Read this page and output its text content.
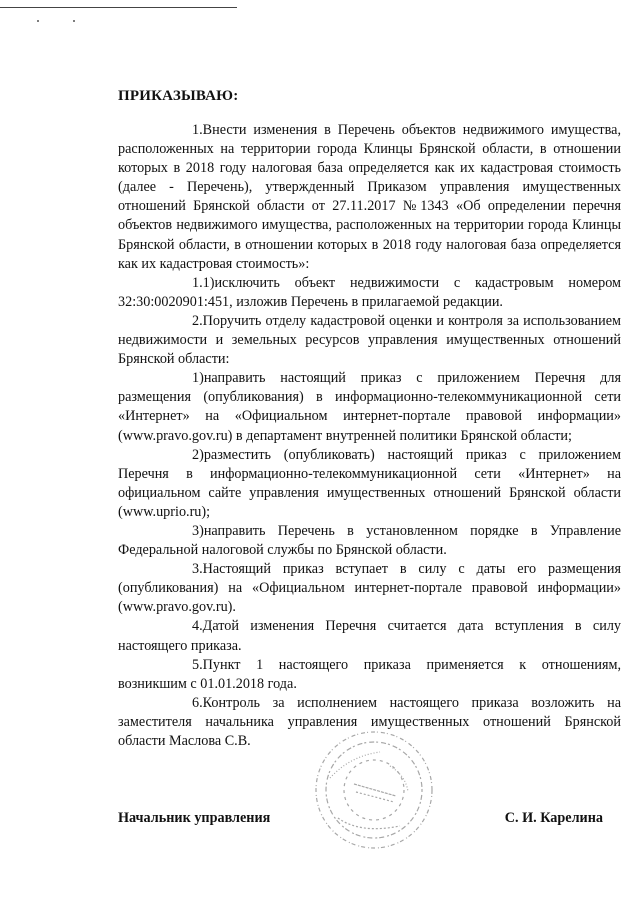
ПРИКАЗЫВАЮ:

1.Внести изменения в Перечень объектов недвижимого имущества, расположенных на территории города Клинцы Брянской области, в отношении которых в 2018 году налоговая база определяется как их кадастровая стоимость (далее - Перечень), утвержденный Приказом управления имущественных отношений Брянской области от 27.11.2017 №1343 «Об определении перечня объектов недвижимого имущества, расположенных на территории города Клинцы Брянской области, в отношении которых в 2018 году налоговая база определяется как их кадастровая стоимость»:

1.1)исключить объект недвижимости с кадастровым номером 32:30:0020901:451, изложив Перечень в прилагаемой редакции.

2.Поручить отделу кадастровой оценки и контроля за использованием недвижимости и земельных ресурсов управления имущественных отношений Брянской области:

1)направить настоящий приказ с приложением Перечня для размещения (опубликования) в информационно-телекоммуникационной сети «Интернет» на «Официальном интернет-портале правовой информации» (www.pravo.gov.ru) в департамент внутренней политики Брянской области;

2)разместить (опубликовать) настоящий приказ с приложением Перечня в информационно-телекоммуникационной сети «Интернет» на официальном сайте управления имущественных отношений Брянской области (www.uprio.ru);

3)направить Перечень в установленном порядке в Управление Федеральной налоговой службы по Брянской области.

3.Настоящий приказ вступает в силу с даты его размещения (опубликования) на «Официальном интернет-портале правовой информации» (www.pravo.gov.ru).

4.Датой изменения Перечня считается дата вступления в силу настоящего приказа.

5.Пункт 1 настоящего приказа применяется к отношениям, возникшим с 01.01.2018 года.

6.Контроль за исполнением настоящего приказа возложить на заместителя начальника управления имущественных отношений Брянской области Маслова С.В.

Начальник управления	С. И. Карелина
